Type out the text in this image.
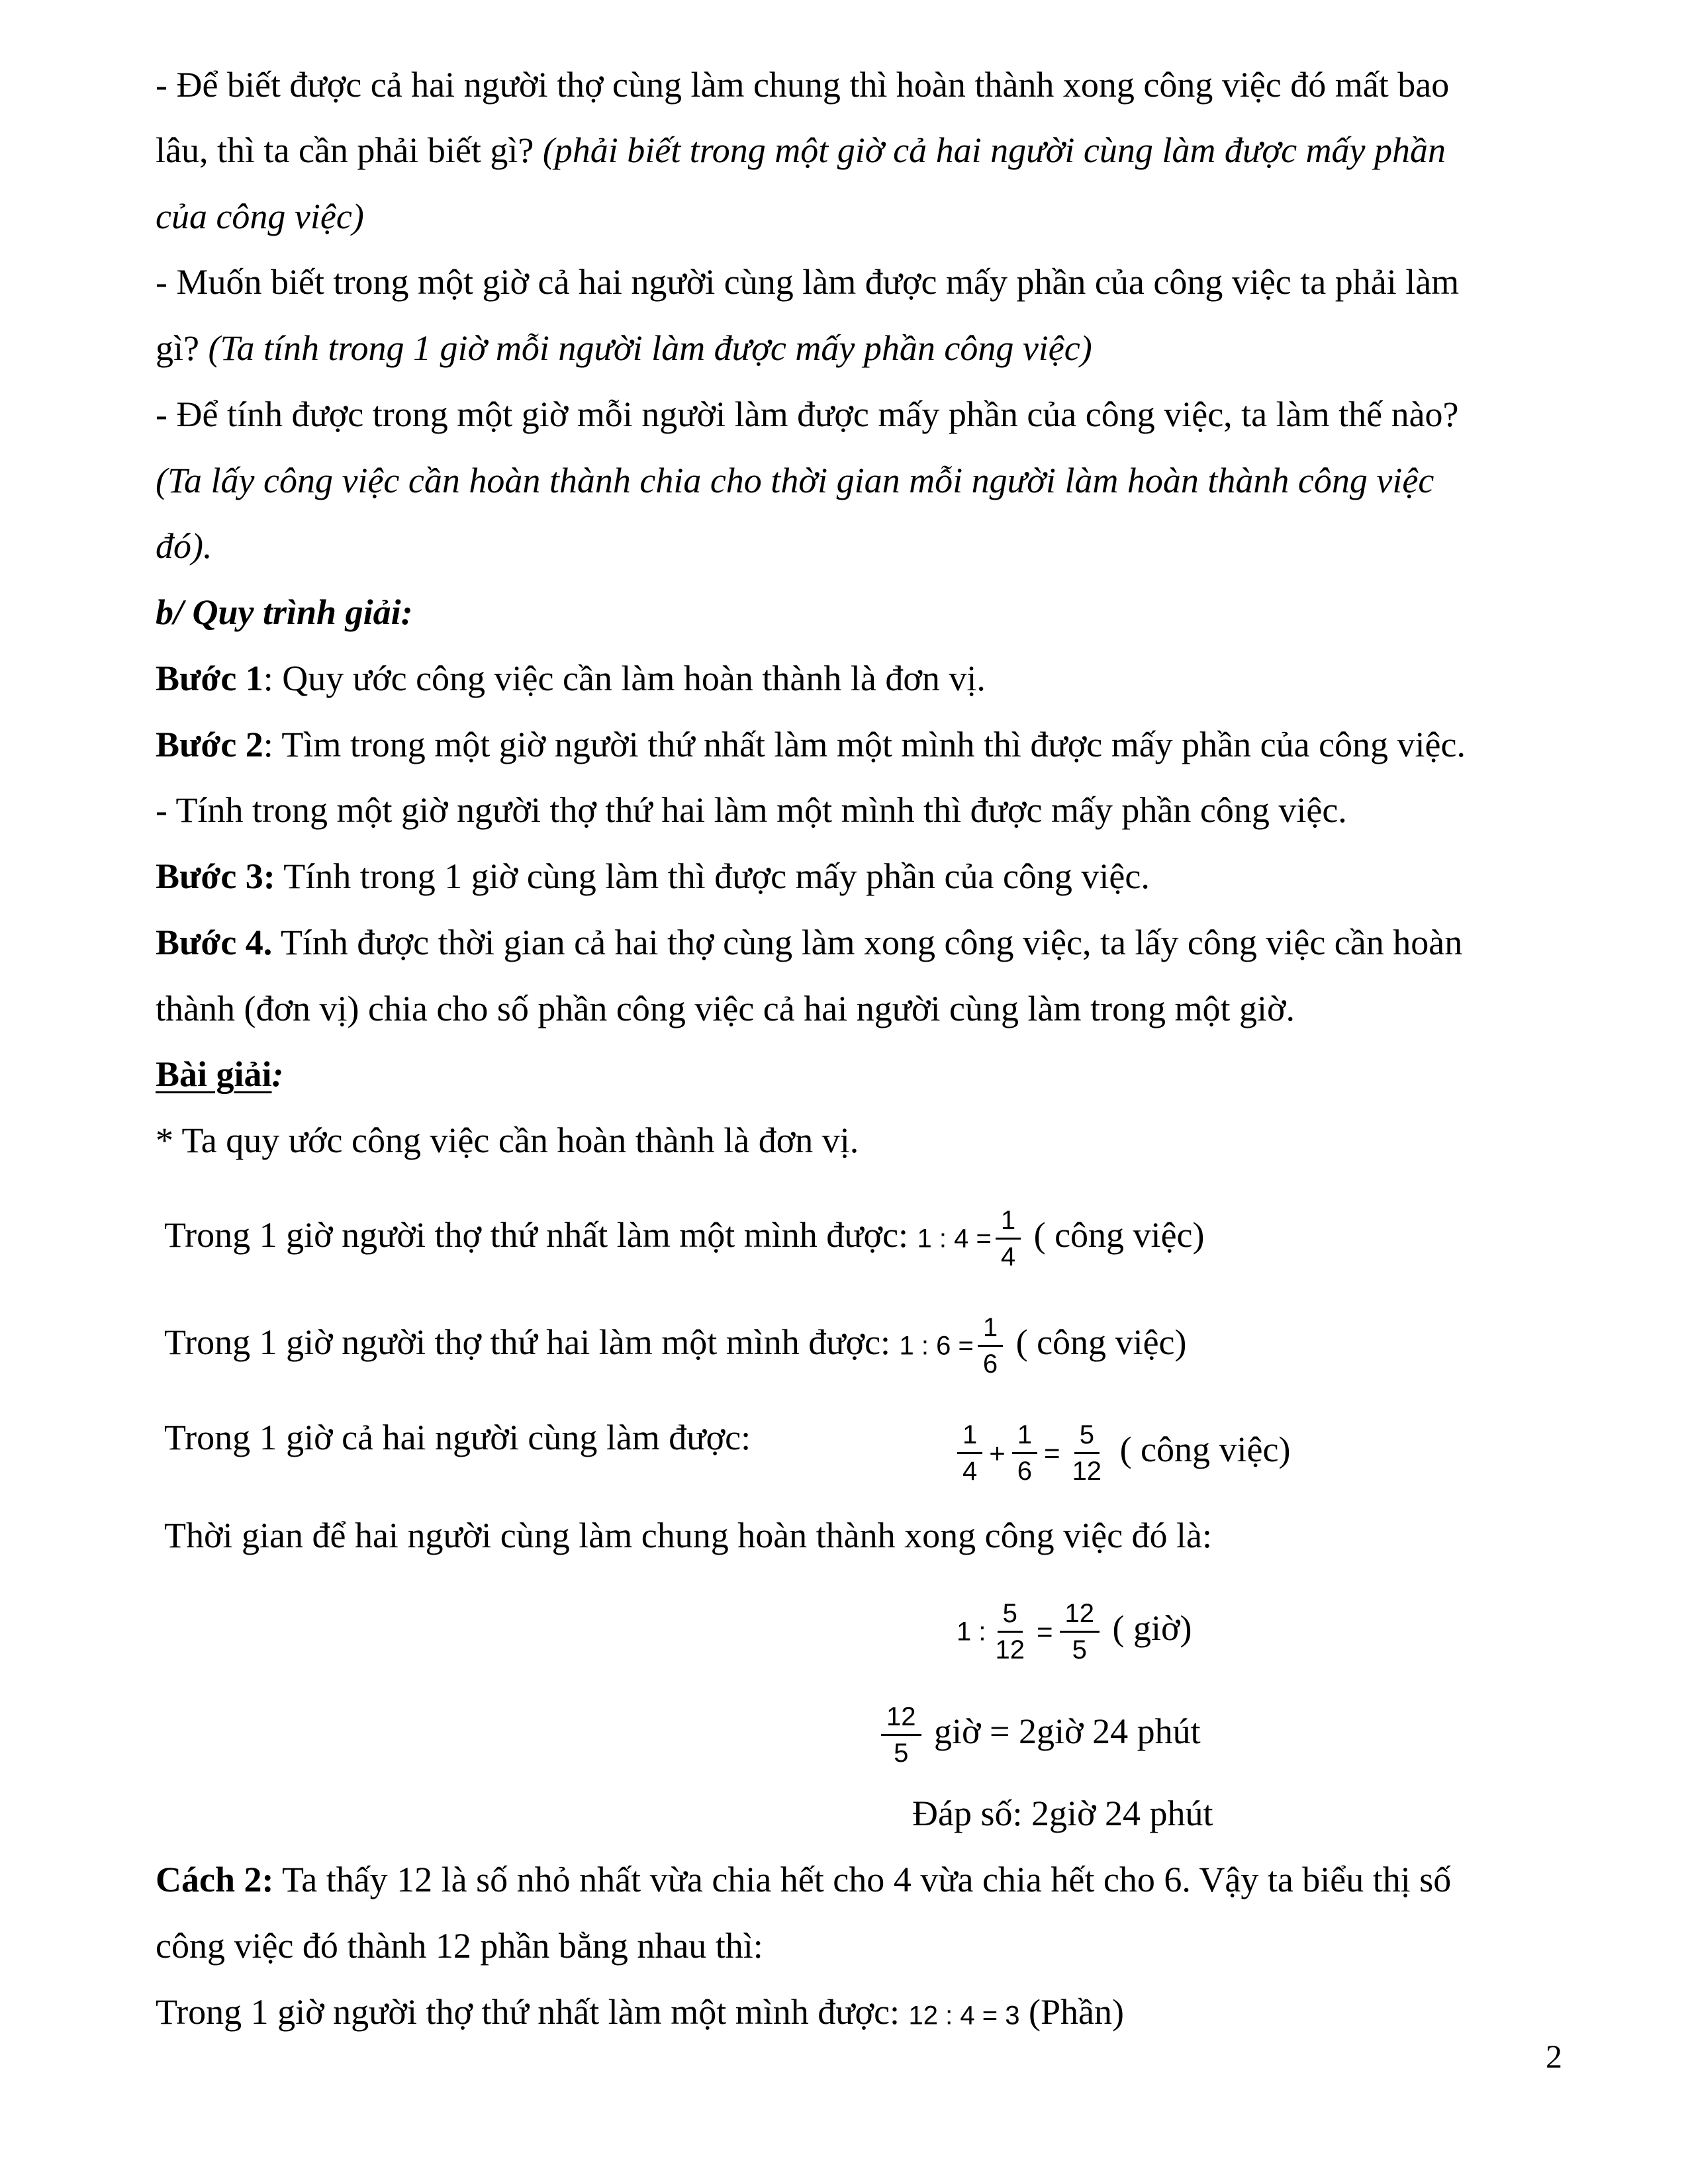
- Để biết được cả hai người thợ cùng làm chung thì hoàn thành xong công việc đó mất bao
lâu, thì ta cần phải biết gì? (phải biết trong một giờ cả hai người cùng làm được mấy phần
của công việc)
- Muốn biết trong một giờ cả hai người cùng làm được mấy phần của công việc ta phải làm
gì? (Ta tính trong 1 giờ mỗi người làm được mấy phần công việc)
- Để tính được trong một giờ mỗi người làm được mấy phần của công việc, ta làm thế nào?
(Ta lấy công việc cần hoàn thành chia cho thời gian mỗi người làm hoàn thành công việc
đó).
b/ Quy trình giải:
Bước 1: Quy ước công việc cần làm hoàn thành là đơn vị.
Bước 2: Tìm trong một giờ người thứ nhất làm một mình thì được mấy phần của công việc.
- Tính trong một giờ người thợ thứ hai làm một mình thì được mấy phần công việc.
Bước 3: Tính trong 1 giờ cùng làm thì được mấy phần của công việc.
Bước 4. Tính được thời gian cả hai thợ cùng làm xong công việc, ta lấy công việc cần hoàn
thành (đơn vị) chia cho số phần công việc cả hai người cùng làm trong một giờ.
Bài giải:
* Ta quy ước công việc cần hoàn thành là đơn vị.
Trong 1 giờ người thợ thứ nhất làm một mình được: 1 : $4 = \frac{1}{4}$ ( công việc)
Trong 1 giờ người thợ thứ hai làm một mình được: 1 : $6 = \frac{1}{6}$ ( công việc)
Trong 1 giờ cả hai người cùng làm được:	$\frac{1}{4} + \frac{1}{6} = \frac{5}{12}$ ( công việc)
Thời gian để hai người cùng làm chung hoàn thành xong công việc đó là:
1 : $\frac{5}{12} = \frac{12}{5}$ ( giờ)
$\frac{12}{5}$ giờ = 2giờ 24 phút
Đáp số: 2giờ 24 phút
Cách 2: Ta thấy 12 là số nhỏ nhất vừa chia hết cho 4 vừa chia hết cho 6. Vậy ta biểu thị số
công việc đó thành 12 phần bằng nhau thì:
Trong 1 giờ người thợ thứ nhất làm một mình được: 12 : 4 = 3 (Phần)
2
